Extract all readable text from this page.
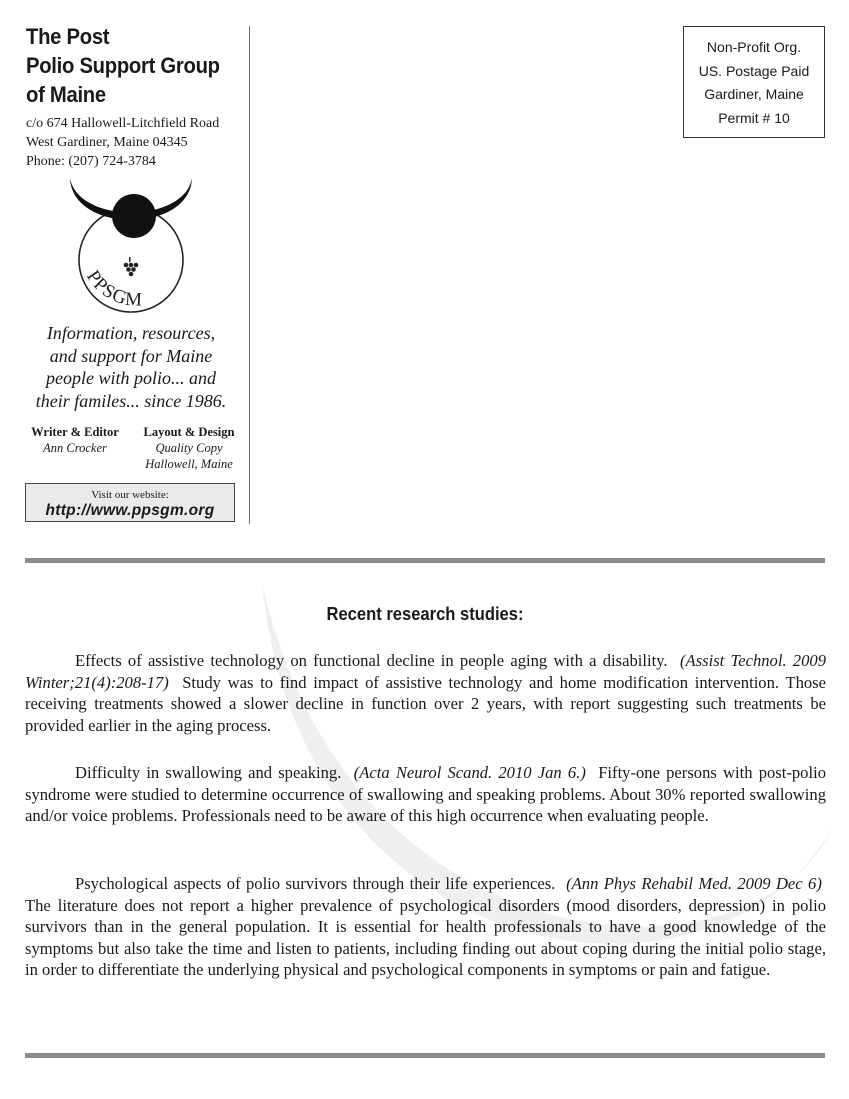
The Post
Polio Support Group
of Maine
c/o 674 Hallowell-Litchfield Road
West Gardiner, Maine 04345
Phone: (207) 724-3784
PPSGM
Information, resources,
and support for Maine
people with polio... and
their familes... since 1986.
Writer & Editor
Ann Crocker
Layout & Design
Quality Copy
Hallowell, Maine
Visit our website:
http://www.ppsgm.org
Non-Profit Org.
US. Postage Paid
Gardiner, Maine
Permit # 10
Recent research studies:

Effects of assistive technology on functional decline in people aging with a disability. (Assist Technol. 2009 Winter;21(4):208-17) Study was to find impact of assistive technology and home modification intervention. Those receiving treatments showed a slower decline in function over 2 years, with report suggesting such treatments be provided earlier in the aging process.

Difficulty in swallowing and speaking. (Acta Neurol Scand. 2010 Jan 6.) Fifty-one persons with post-polio syndrome were studied to determine occurrence of swallowing and speaking problems. About 30% reported swallowing and/or voice problems. Professionals need to be aware of this high occurrence when evaluating people.

Psychological aspects of polio survivors through their life experiences. (Ann Phys Rehabil Med. 2009 Dec 6)  The literature does not report a higher prevalence of psychological disorders (mood disorders, depression) in polio survivors than in the general population. It is essential for health professionals to have a good knowledge of the symptoms but also take the time and listen to patients, including finding out about coping during the initial polio stage, in order to differentiate the underlying physical and psychological components in symptoms or pain and fatigue.
